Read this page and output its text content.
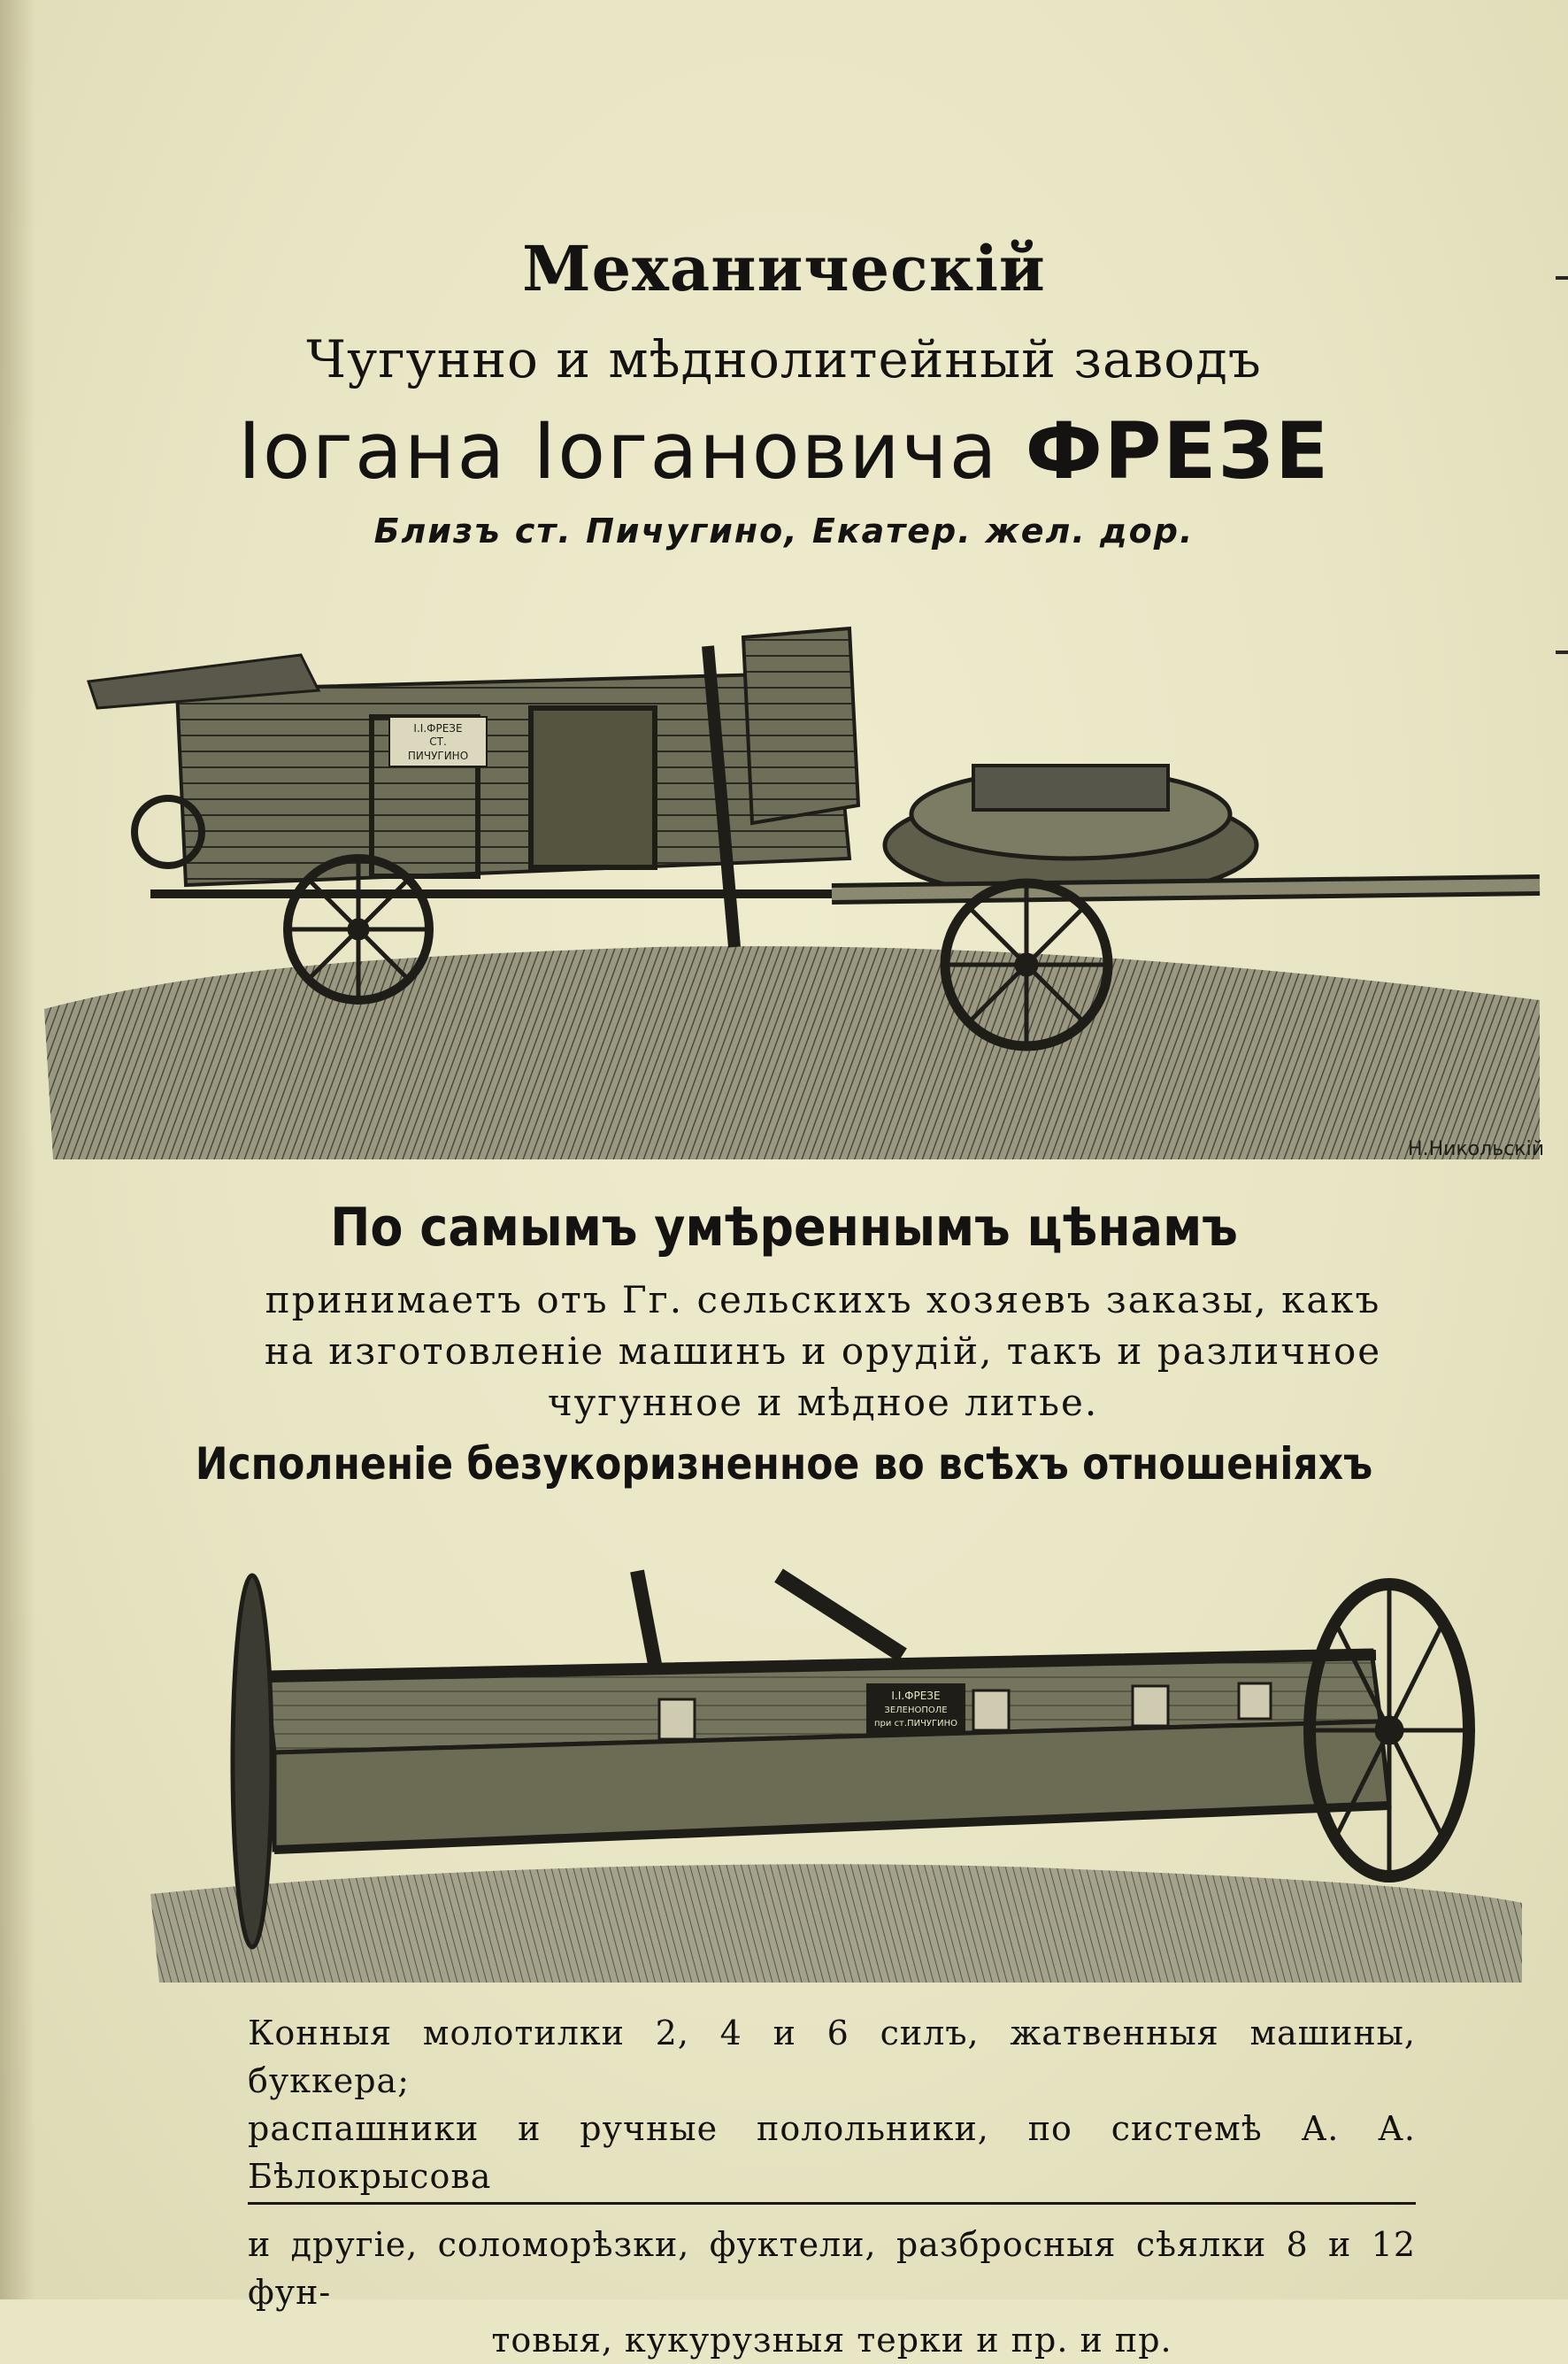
Механическій
Чугунно и мѣднолитейный заводъ
Іогана Іогановича ФРЕЗЕ
Близъ ст. Пичугино, Екатер. жел. дор.
I.I.ФРЕЗЕ
СТ.
ПИЧУГИНО
Н.Никольскій
По самымъ умѣреннымъ цѣнамъ
принимаетъ отъ Гг. сельскихъ хозяевъ заказы, какъ на изготовленіе машинъ и орудій, такъ и различное чугунное и мѣдное литье.
Исполненіе безукоризненное во всѣхъ отношеніяхъ
I.I.ФРЕЗЕ
ЗЕЛЕНОПОЛЕ
при ст.ПИЧУГИНО
Конныя молотилки 2, 4 и 6 силъ, жатвенныя машины, буккера;
распашники и ручные полольники, по системѣ А. А. Бѣлокрысова
и другіе, соломорѣзки, фуктели, разбросныя сѣялки 8 и 12 фун-
товыя, кукурузныя терки и пр. и пр.
